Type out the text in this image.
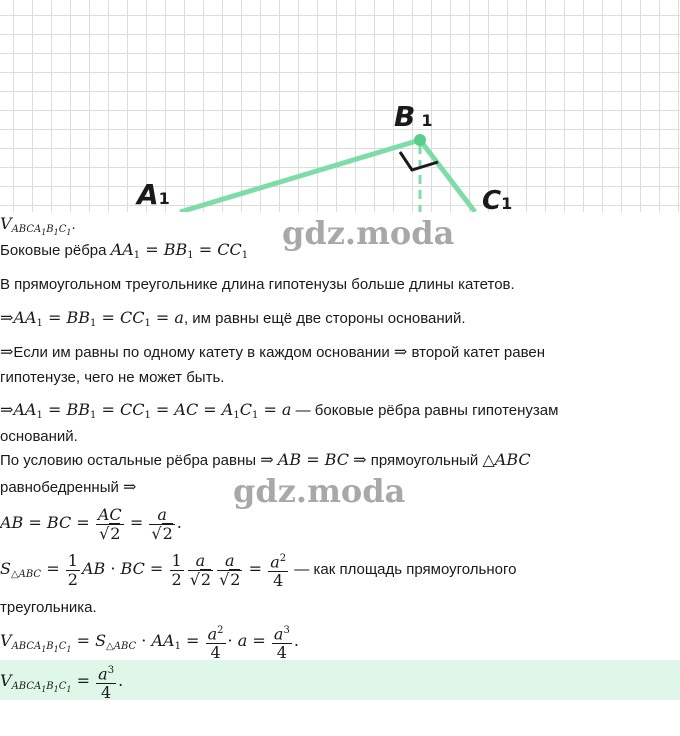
B 1
A1	C1
gdz.moda
gdz.moda
$V_{ABCA_1B_1C_1}$.
Боковые рёбра $AA_1 = BB_1 = CC_1$
В прямоугольном треугольнике длина гипотенузы больше длины катетов.
$\Rightarrow AA_1 = BB_1 = CC_1 = a$, им равны ещё две стороны оснований.
⇒Если им равны по одному катету в каждом основании ⇒ второй катет равен
гипотенузе, чего не может быть.
$\Rightarrow AA_1 = BB_1 = CC_1$ = AC = $A_1C_1 = a$ — боковые рёбра равны гипотенузам
оснований.
По условию остальные рёбра равны ⇒ AB = BC ⇒ прямоугольный △ABC
равнобедренный ⇒
AB = BC = $\frac{AC}{√2} = \frac{a}{√2}$ .
$S_{\triangle ABC} = \frac{1}{2}$ AB · BC = $\frac{1}{2} \frac{a}{√2} \frac{a}{√2} = \frac{a^2}{4}$ — как площадь прямоугольного
треугольника.
$V_{ABCA_1B_1C_1} = S_{\triangle ABC} \cdot AA_1 = \frac{a^2}{4} \cdot a = \frac{a^3}{4}$ .
$V_{ABCA_1B_1C_1} = \frac{a^3}{4}$ .
